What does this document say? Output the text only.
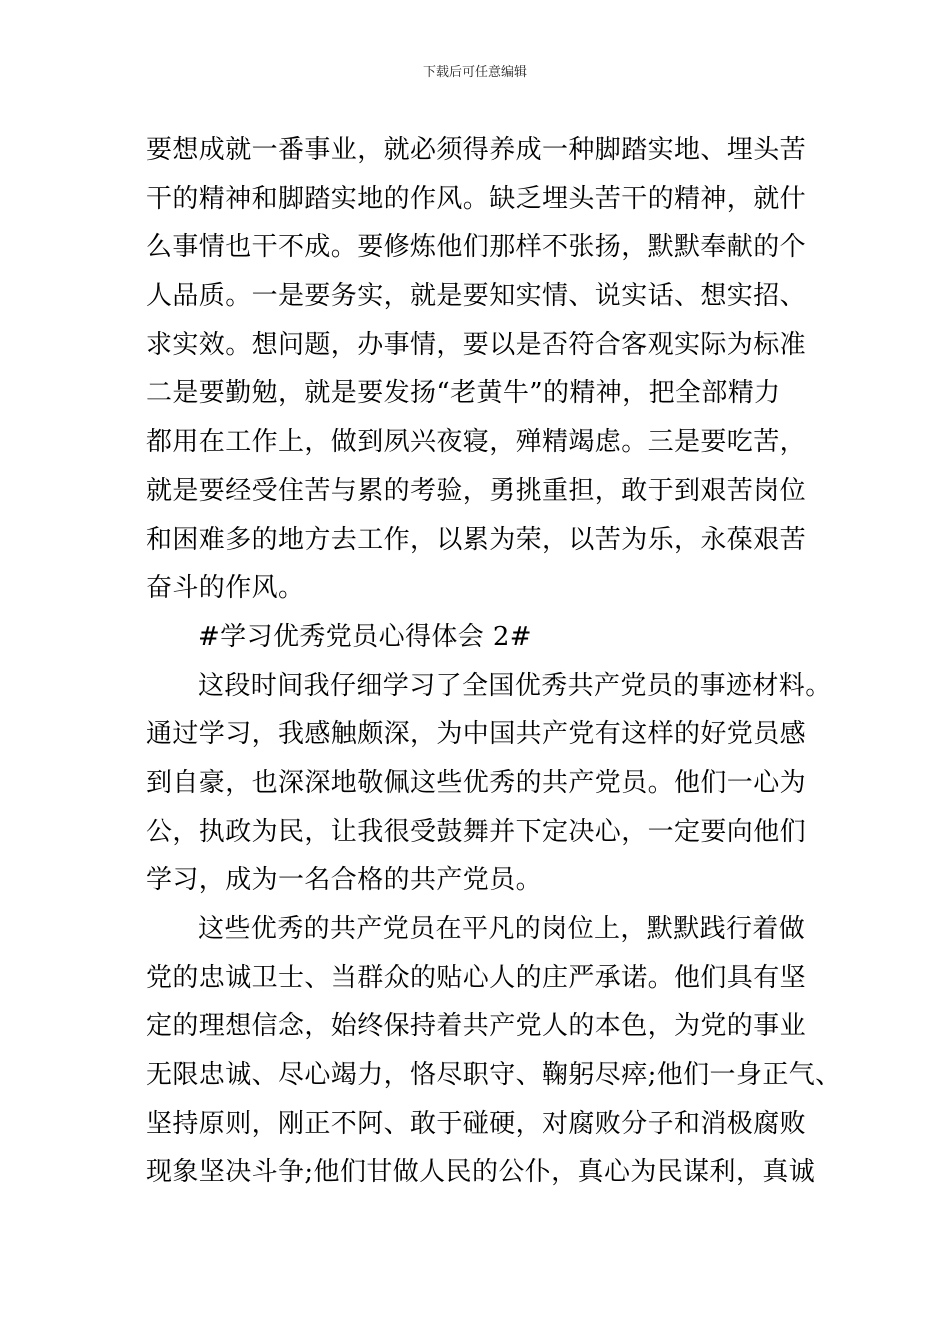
下载后可任意编辑
要想成就一番事业，就必须得养成一种脚踏实地、埋头苦
干的精神和脚踏实地的作风。缺乏埋头苦干的精神，就什
么事情也干不成。要修炼他们那样不张扬，默默奉献的个
人品质。一是要务实，就是要知实情、说实话、想实招、
求实效。想问题，办事情，要以是否符合客观实际为标准
二是要勤勉，就是要发扬“老黄牛”的精神，把全部精力
都用在工作上，做到夙兴夜寝，殚精竭虑。三是要吃苦，
就是要经受住苦与累的考验，勇挑重担，敢于到艰苦岗位
和困难多的地方去工作，以累为荣，以苦为乐，永葆艰苦
奋斗的作风。
#学习优秀党员心得体会 2#
这段时间我仔细学习了全国优秀共产党员的事迹材料。
通过学习，我感触颇深，为中国共产党有这样的好党员感
到自豪，也深深地敬佩这些优秀的共产党员。他们一心为
公，执政为民，让我很受鼓舞并下定决心，一定要向他们
学习，成为一名合格的共产党员。
这些优秀的共产党员在平凡的岗位上，默默践行着做
党的忠诚卫士、当群众的贴心人的庄严承诺。他们具有坚
定的理想信念，始终保持着共产党人的本色，为党的事业
无限忠诚、尽心竭力，恪尽职守、鞠躬尽瘁;他们一身正气、
坚持原则，刚正不阿、敢于碰硬，对腐败分子和消极腐败
现象坚决斗争;他们甘做人民的公仆，真心为民谋利，真诚
